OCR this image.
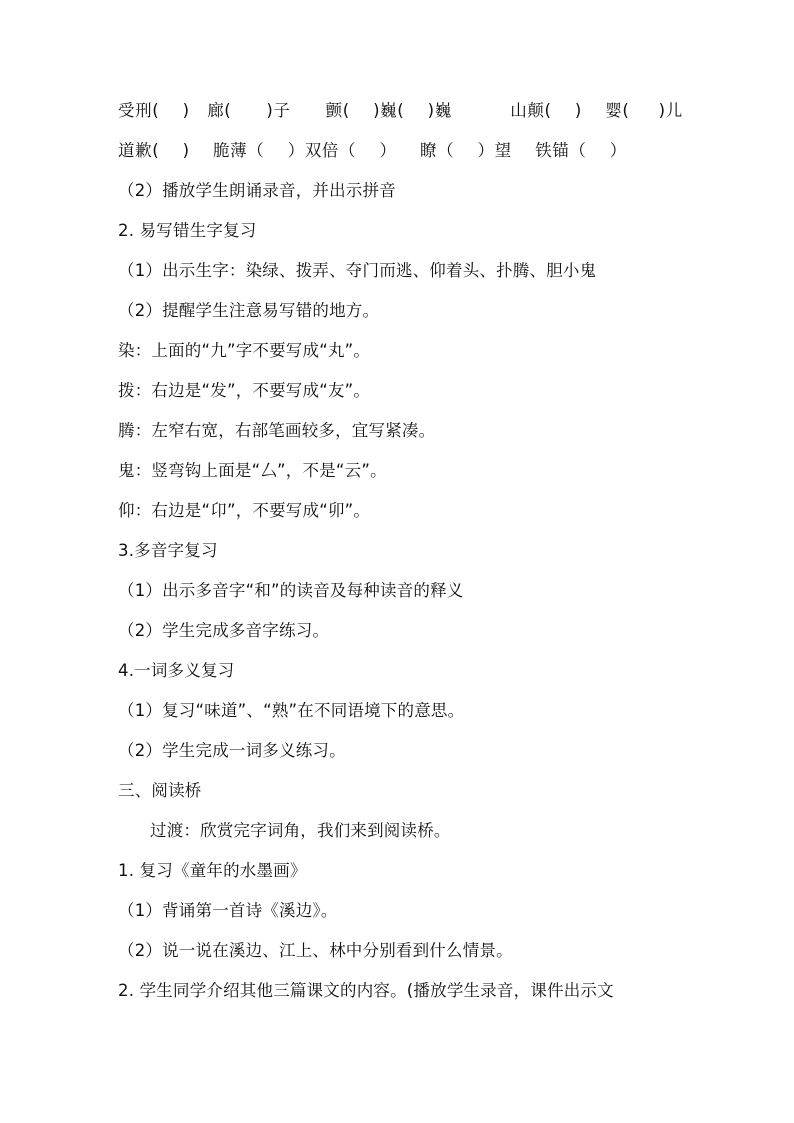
受刑(    )   廊(      )子      颤(    )巍(    )巍          山颠(    )    婴(     )儿
道歉(    )    脆薄（    ）双倍（    ）    瞭（    ）望    铁锚（    ）
（2）播放学生朗诵录音，并出示拼音
2. 易写错生字复习
（1）出示生字：染绿、拨弄、夺门而逃、仰着头、扑腾、胆小鬼
（2）提醒学生注意易写错的地方。
染：上面的“九”字不要写成“丸”。
拨：右边是“发”，不要写成“友”。
腾：左窄右宽，右部笔画较多，宜写紧凑。
鬼：竖弯钩上面是“厶”，不是“云”。
仰：右边是“卬”，不要写成“卯”。
3.多音字复习
（1）出示多音字“和”的读音及每种读音的释义
（2）学生完成多音字练习。
4.一词多义复习
（1）复习“味道”、“熟”在不同语境下的意思。
（2）学生完成一词多义练习。
三、阅读桥
过渡：欣赏完字词角，我们来到阅读桥。
1. 复习《童年的水墨画》
（1）背诵第一首诗《溪边》。
（2）说一说在溪边、江上、林中分别看到什么情景。
2. 学生同学介绍其他三篇课文的内容。(播放学生录音，课件出示文
